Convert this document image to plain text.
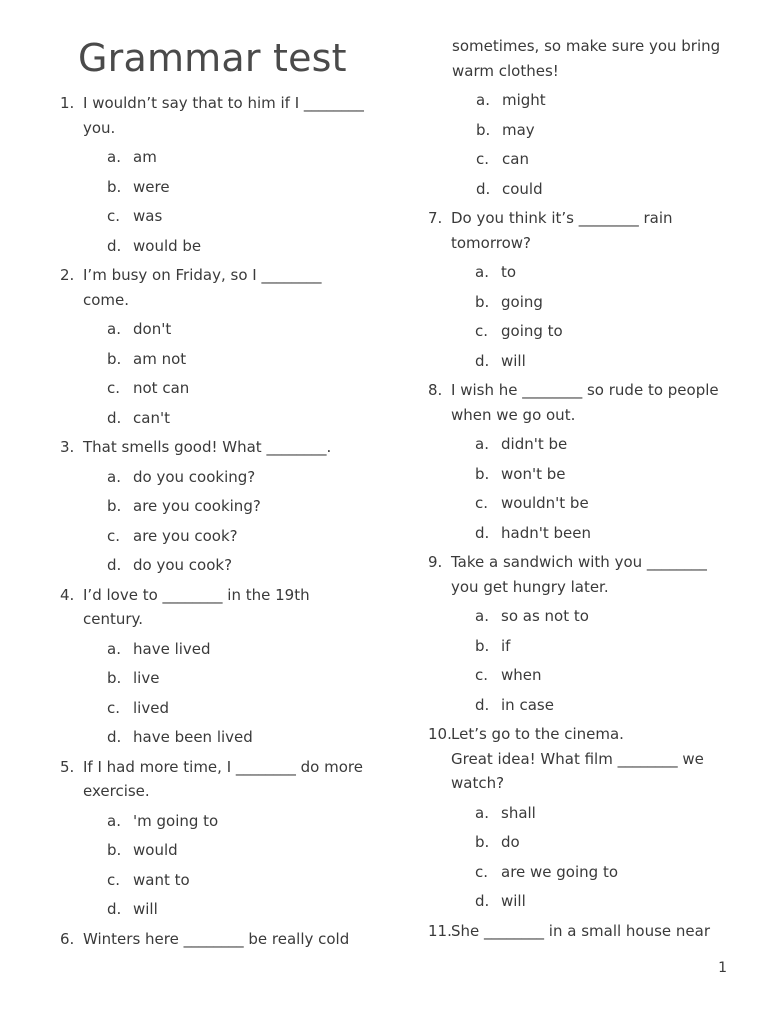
Grammar test
1. I wouldn’t say that to him if I ________ you.
a. am
b. were
c. was
d. would be
2. I’m busy on Friday, so I ________ come.
a. don't
b. am not
c. not can
d. can't
3. That smells good! What ________.
a. do you cooking?
b. are you cooking?
c. are you cook?
d. do you cook?
4. I’d love to ________ in the 19th century.
a. have lived
b. live
c. lived
d. have been lived
5. If I had more time, I ________ do more exercise.
a. 'm going to
b. would
c. want to
d. will
6. Winters here ________ be really cold
sometimes, so make sure you bring warm clothes!
a. might
b. may
c. can
d. could
7. Do you think it’s ________ rain tomorrow?
a. to
b. going
c. going to
d. will
8. I wish he ________ so rude to people when we go out.
a. didn't be
b. won't be
c. wouldn't be
d. hadn't been
9. Take a sandwich with you ________ you get hungry later.
a. so as not to
b. if
c. when
d. in case
10. Let’s go to the cinema.
Great idea! What film ________ we watch?
a. shall
b. do
c. are we going to
d. will
11. She ________ in a small house near
1
